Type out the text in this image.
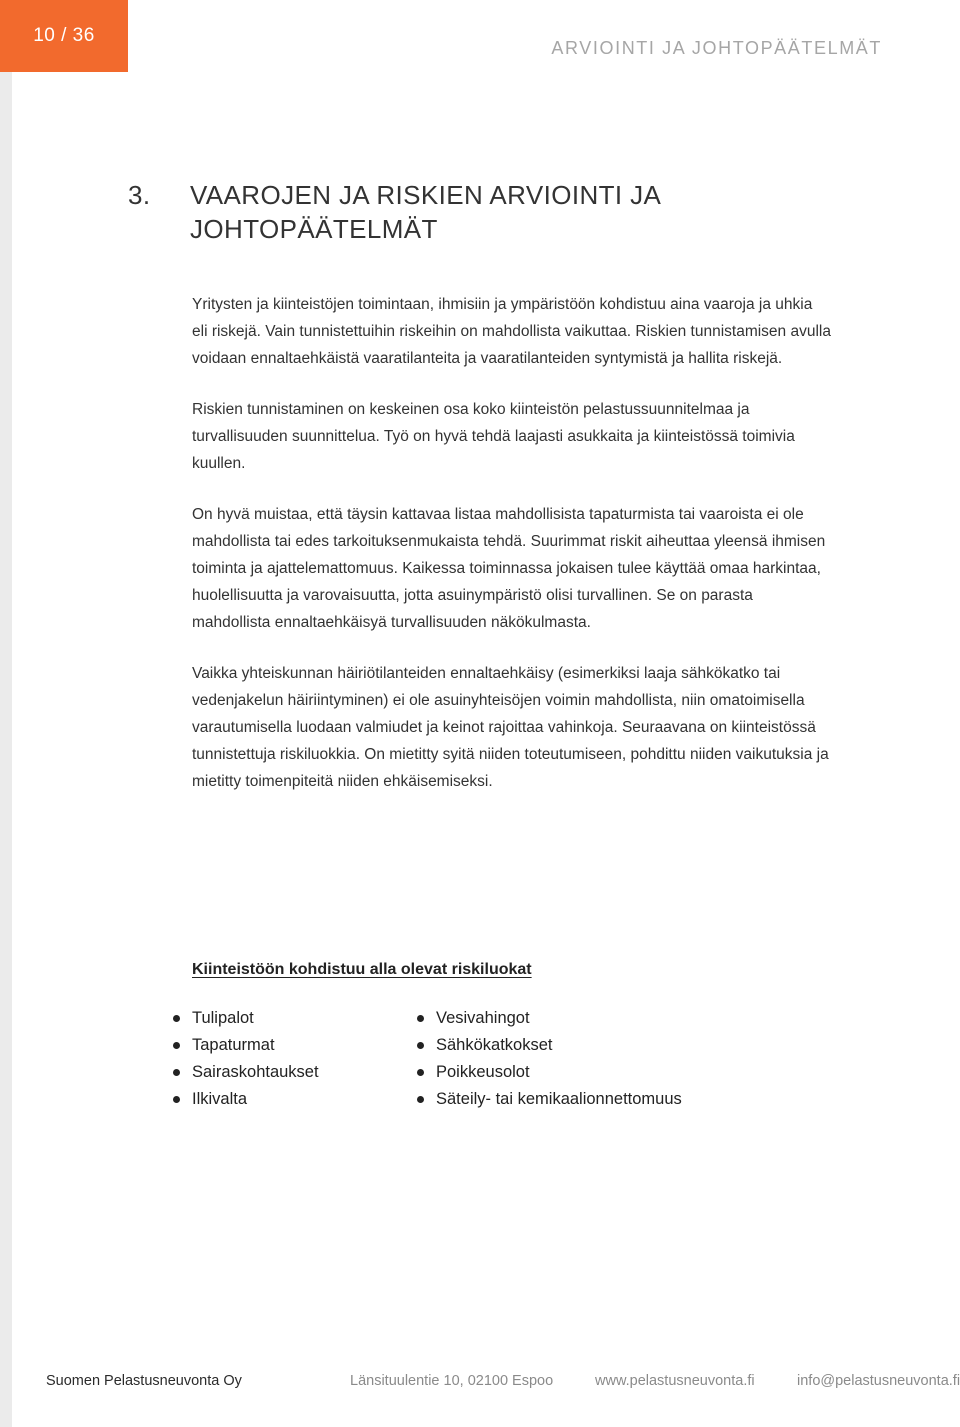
10 / 36
ARVIOINTI JA JOHTOPÄÄTELMÄT
3.	VAAROJEN JA RISKIEN ARVIOINTI JA
JOHTOPÄÄTELMÄT

Yritysten ja kiinteistöjen toimintaan, ihmisiin ja ympäristöön kohdistuu aina vaaroja ja uhkia eli riskejä. Vain tunnistettuihin riskeihin on mahdollista vaikuttaa. Riskien tunnistamisen avulla voidaan ennaltaehkäistä vaaratilanteita ja vaaratilanteiden syntymistä ja hallita riskejä.

Riskien tunnistaminen on keskeinen osa koko kiinteistön pelastussuunnitelmaa ja turvallisuuden suunnittelua. Työ on hyvä tehdä laajasti asukkaita ja kiinteistössä toimivia kuullen.

On hyvä muistaa, että täysin kattavaa listaa mahdollisista tapaturmista tai vaaroista ei ole mahdollista tai edes tarkoituksenmukaista tehdä. Suurimmat riskit aiheuttaa yleensä ihmisen toiminta ja ajattelemattomuus. Kaikessa toiminnassa jokaisen tulee käyttää omaa harkintaa, huolellisuutta ja varovaisuutta, jotta asuinympäristö olisi turvallinen. Se on parasta mahdollista ennaltaehkäisyä turvallisuuden näkökulmasta.

Vaikka yhteiskunnan häiriötilanteiden ennaltaehkäisy (esimerkiksi laaja sähkökatko tai vedenjakelun häiriintyminen) ei ole asuinyhteisöjen voimin mahdollista, niin omatoimisella varautumisella luodaan valmiudet ja keinot rajoittaa vahinkoja. Seuraavana on kiinteistössä tunnistettuja riskiluokkia. On mietitty syitä niiden toteutumiseen, pohdittu niiden vaikutuksia ja mietitty toimenpiteitä niiden ehkäisemiseksi.

Kiinteistöön kohdistuu alla olevat riskiluokat
Tulipalot
Tapaturmat
Sairaskohtaukset
Ilkivalta
Vesivahingot
Sähkökatkokset
Poikkeusolot
Säteily- tai kemikaalionnettomuus
Suomen Pelastusneuvonta Oy	Länsituulentie 10, 02100 Espoo	www.pelastusneuvonta.fi	info@pelastusneuvonta.fi
